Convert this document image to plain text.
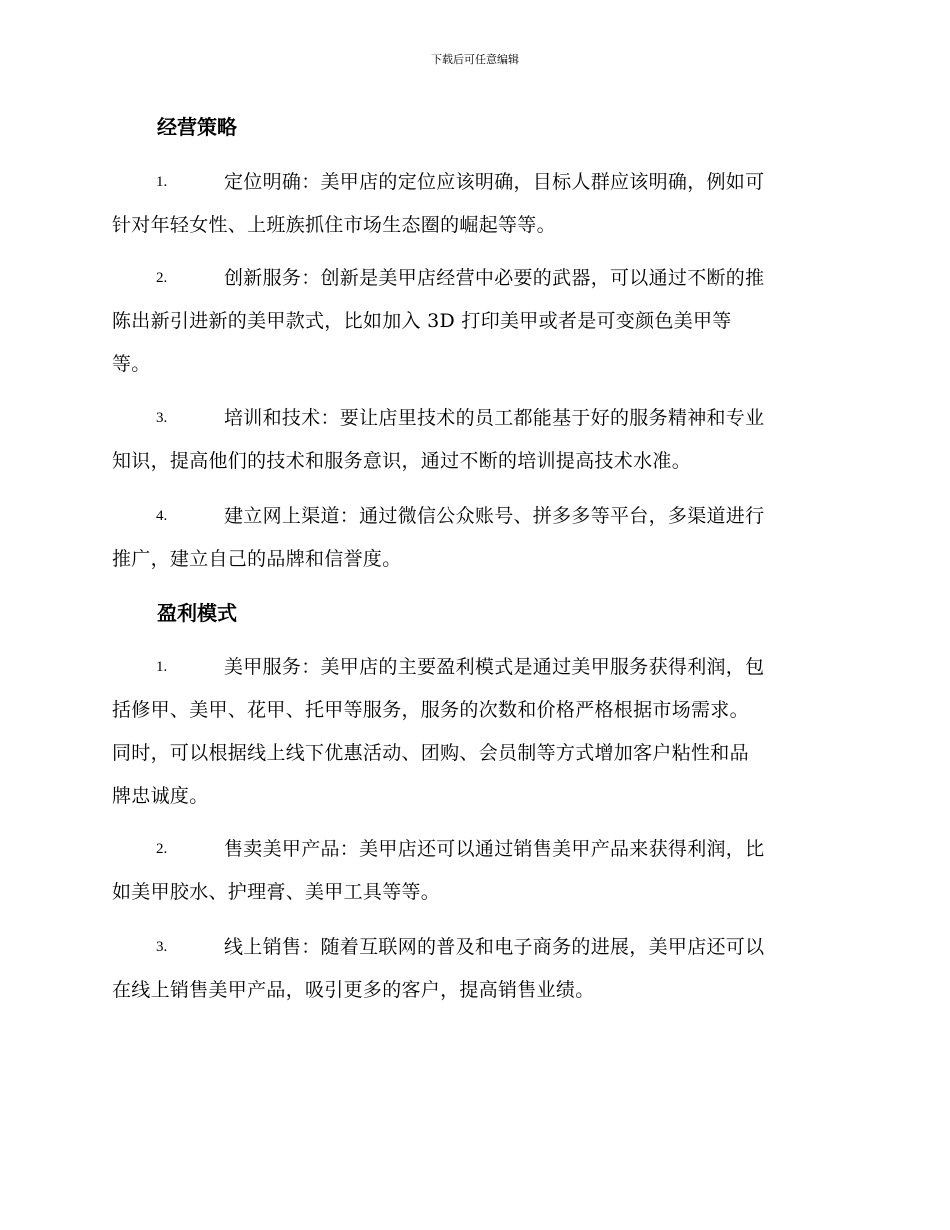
下载后可任意编辑
经营策略
1.	定位明确：美甲店的定位应该明确，目标人群应该明确，例如可
针对年轻女性、上班族抓住市场生态圈的崛起等等。
2.	创新服务：创新是美甲店经营中必要的武器，可以通过不断的推
陈出新引进新的美甲款式，比如加入 3D 打印美甲或者是可变颜色美甲等
等。
3.	培训和技术：要让店里技术的员工都能基于好的服务精神和专业
知识，提高他们的技术和服务意识，通过不断的培训提高技术水准。
4.	建立网上渠道：通过微信公众账号、拼多多等平台，多渠道进行
推广，建立自己的品牌和信誉度。
盈利模式
1.	美甲服务：美甲店的主要盈利模式是通过美甲服务获得利润，包
括修甲、美甲、花甲、托甲等服务，服务的次数和价格严格根据市场需求。
同时，可以根据线上线下优惠活动、团购、会员制等方式增加客户粘性和品
牌忠诚度。
2.	售卖美甲产品：美甲店还可以通过销售美甲产品来获得利润，比
如美甲胶水、护理膏、美甲工具等等。
3.	线上销售：随着互联网的普及和电子商务的进展，美甲店还可以
在线上销售美甲产品，吸引更多的客户，提高销售业绩。
